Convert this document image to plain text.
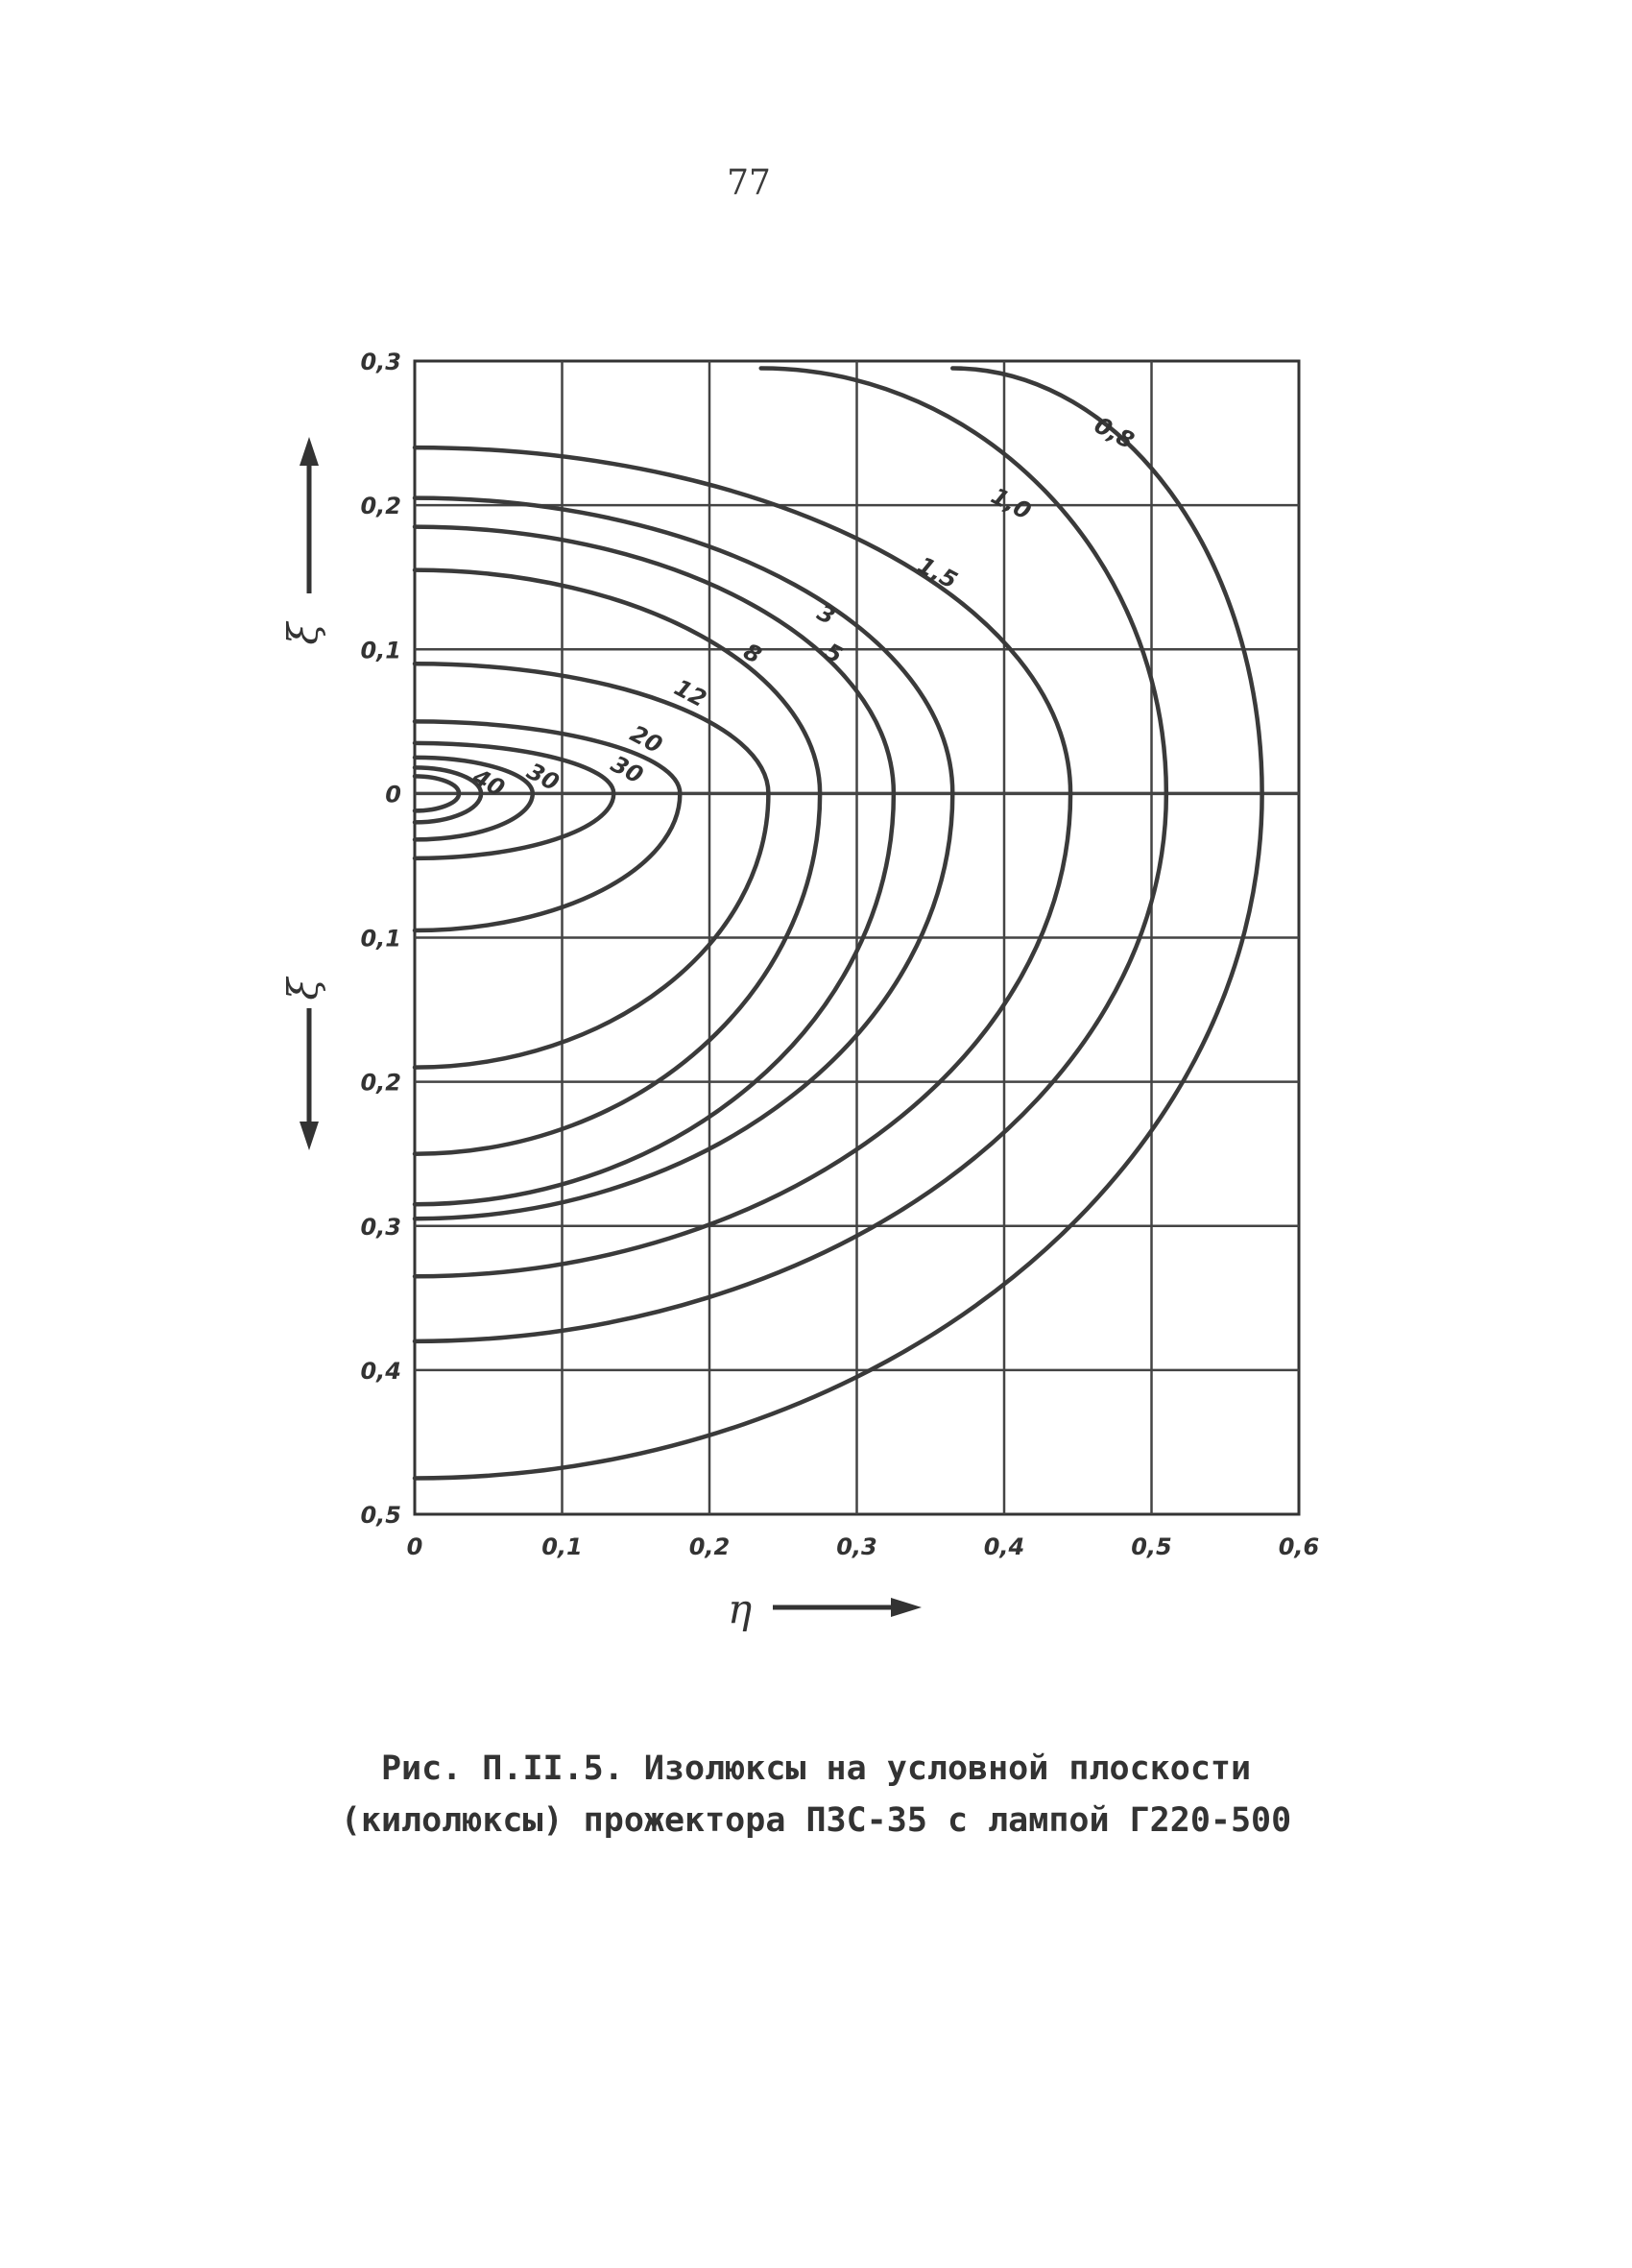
77
0,8
1,0
1,5
3
5
8
12
20
30
30
40
0	0,1	0,2	0,3	0,4	0,5	0,6
0,3
0,2
0,1
0
0,1
0,2
0,3
0,4
0,5
η
ξ
ξ
Рис. П.II.5. Изолюксы на условной плоскости
(килолюксы) прожектора ПЗС-35 с лампой Г220-500
